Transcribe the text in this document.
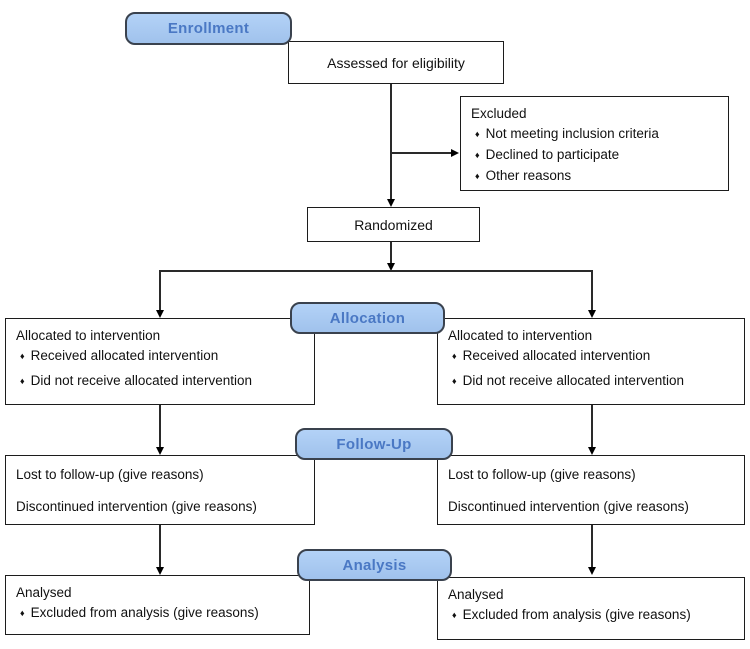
Assessed for eligibility
Excluded
♦ Not meeting inclusion criteria
♦ Declined to participate
♦ Other reasons
Randomized
Allocated to intervention
♦ Received allocated intervention
♦ Did not receive allocated intervention
Allocated to intervention
♦ Received allocated intervention
♦ Did not receive allocated intervention
Lost to follow-up (give reasons)
Discontinued intervention (give reasons)
Lost to follow-up (give reasons)
Discontinued intervention (give reasons)
Analysed
♦ Excluded from analysis (give reasons)
Analysed
♦ Excluded from analysis (give reasons)
Enrollment
Allocation
Follow-Up
Analysis
